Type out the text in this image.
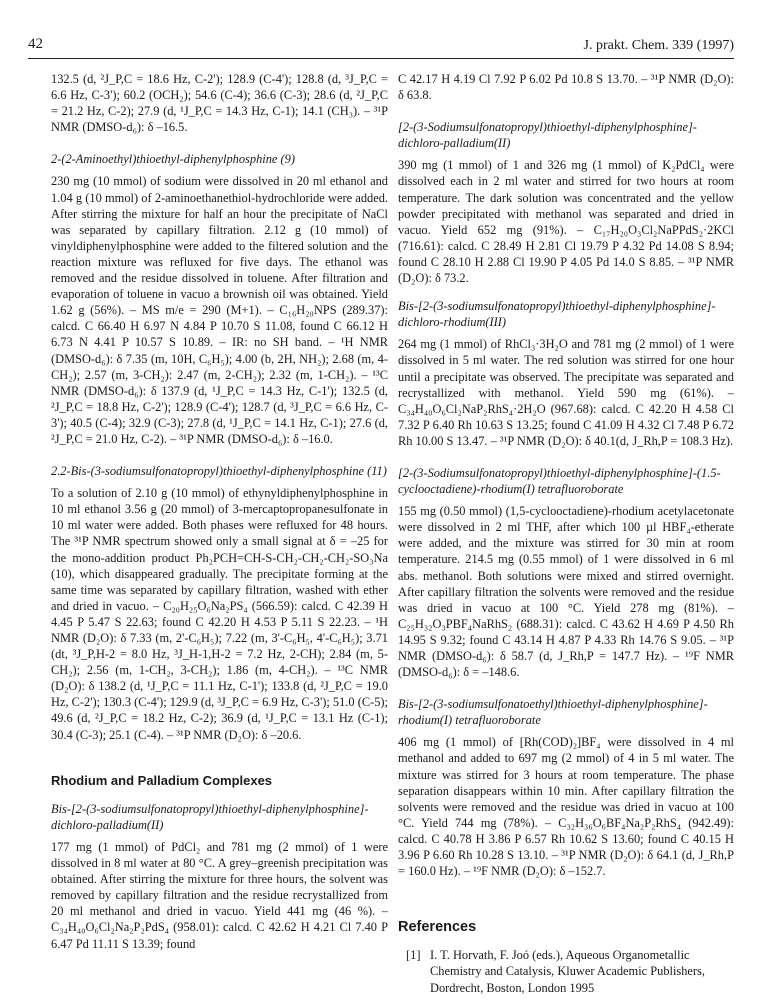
42	J. prakt. Chem. 339 (1997)

132.5 (d, ²J_P,C = 18.6 Hz, C-2'); 128.9 (C-4'); 128.8 (d, ³J_P,C = 6.6 Hz, C-3'); 60.2 (OCH₂); 54.6 (C-4); 36.6 (C-3); 28.6 (d, ²J_P,C = 21.2 Hz, C-2); 27.9 (d, ¹J_P,C = 14.3 Hz, C-1); 14.1 (CH₃). – ³¹P NMR (DMSO-d₆): δ –16.5.

2-(2-Aminoethyl)thioethyl-diphenylphosphine (9)

230 mg (10 mmol) of sodium were dissolved in 20 ml ethanol and 1.04 g (10 mmol) of 2-aminoethanethiol-hydrochloride were added. After stirring the mixture for half an hour the precipitate of NaCl was separated by capillary filtration. 2.12 g (10 mmol) of vinyldiphenylphosphine were added to the filtered solution and the reaction mixture was refluxed for five days. The ethanol was removed and the residue dissolved in toluene. After filtration and evaporation of toluene in vacuo a brownish oil was obtained. Yield 1.62 g (56%). – MS m/e = 290 (M+1). – C₁₆H₂₀NPS (289.37): calcd. C 66.40 H 6.97 N 4.84 P 10.70 S 11.08, found C 66.12 H 6.73 N 4.41 P 10.57 S 10.89. – IR: no SH band. – ¹H NMR (DMSO-d₆): δ 7.35 (m, 10H, C₆H₅); 4.00 (b, 2H, NH₂); 2.68 (m, 4-CH₂); 2.57 (m, 3-CH₂): 2.47 (m, 2-CH₂); 2.32 (m, 1-CH₂). – ¹³C NMR (DMSO-d₆): δ 137.9 (d, ¹J_P,C = 14.3 Hz, C-1'); 132.5 (d, ²J_P,C = 18.8 Hz, C-2'); 128.9 (C-4'); 128.7 (d, ³J_P,C = 6.6 Hz, C-3'); 40.5 (C-4); 32.9 (C-3); 27.8 (d, ¹J_P,C = 14.1 Hz, C-1); 27.6 (d, ²J_P,C = 21.0 Hz, C-2). – ³¹P NMR (DMSO-d₆): δ –16.0.

2.2-Bis-(3-sodiumsulfonatopropyl)thioethyl-diphenylphosphine (11)

To a solution of 2.10 g (10 mmol) of ethynyldiphenylphosphine in 10 ml ethanol 3.56 g (20 mmol) of 3-mercaptopropanesulfonate in 10 ml water were added. Both phases were refluxed for 48 hours. The ³¹P NMR spectrum showed only a small signal at δ = –25 for the mono-addition product Ph₂PCH=CH-S-CH₂-CH₂-CH₂-SO₃Na (10), which disappeared gradually. The precipitate forming at the same time was separated by capillary filtration, washed with ether and dried in vacuo. – C₂₀H₂₅O₆Na₂PS₄ (566.59): calcd. C 42.39 H 4.45 P 5.47 S 22.63; found C 42.20 H 4.53 P 5.11 S 22.23. – ¹H NMR (D₂O): δ 7.33 (m, 2'-C₆H₅); 7.22 (m, 3'-C₆H₅, 4'-C₆H₅); 3.71 (dt, ³J_P,H-2 = 8.0 Hz, ³J_H-1,H-2 = 7.2 Hz, 2-CH); 2.84 (m, 5-CH₂); 2.56 (m, 1-CH₂, 3-CH₂); 1.86 (m, 4-CH₂). – ¹³C NMR (D₂O): δ 138.2 (d, ¹J_P,C = 11.1 Hz, C-1'); 133.8 (d, ²J_P,C = 19.0 Hz, C-2'); 130.3 (C-4'); 129.9 (d, ³J_P,C = 6.9 Hz, C-3'); 51.0 (C-5); 49.6 (d, ²J_P,C = 18.2 Hz, C-2); 36.9 (d, ¹J_P,C = 13.1 Hz (C-1); 30.4 (C-3); 25.1 (C-4). – ³¹P NMR (D₂O): δ –20.6.

Rhodium and Palladium Complexes

Bis-[2-(3-sodiumsulfonatopropyl)thioethyl-diphenylphosphine]-dichloro-palladium(II)

177 mg (1 mmol) of PdCl₂ and 781 mg (2 mmol) of 1 were dissolved in 8 ml water at 80 °C. A grey–greenish precipitation was obtained. After stirring the mixture for three hours, the solvent was removed by capillary filtration and the residue recrystallized from 20 ml methanol and dried in vacuo. Yield 441 mg (46 %). – C₃₄H₄₀O₆Cl₂Na₂P₂PdS₄ (958.01): calcd. C 42.62 H 4.21 Cl 7.40 P 6.47 Pd 11.11 S 13.39; found

C 42.17 H 4.19 Cl 7.92 P 6.02 Pd 10.8 S 13.70. – ³¹P NMR (D₂O): δ 63.8.

[2-(3-Sodiumsulfonatopropyl)thioethyl-diphenylphosphine]-dichloro-palladium(II)

390 mg (1 mmol) of 1 and 326 mg (1 mmol) of K₂PdCl₄ were dissolved each in 2 ml water and stirred for two hours at room temperature. The dark solution was concentrated and the yellow powder precipitated with methanol was separated and dried in vacuo. Yield 652 mg (91%). – C₁₇H₂₀O₃Cl₂NaPPdS₂·2KCl (716.61): calcd. C 28.49 H 2.81 Cl 19.79 P 4.32 Pd 14.08 S 8.94; found C 28.10 H 2.88 Cl 19.90 P 4.05 Pd 14.0 S 8.85. – ³¹P NMR (D₂O): δ 73.2.

Bis-[2-(3-sodiumsulfonatopropyl)thioethyl-diphenylphosphine]-dichloro-rhodium(III)

264 mg (1 mmol) of RhCl₃·3H₂O and 781 mg (2 mmol) of 1 were dissolved in 5 ml water. The red solution was stirred for one hour until a precipitate was observed. The precipitate was separated and recrystallized with methanol. Yield 590 mg (61%). – C₃₄H₄₀O₆Cl₂NaP₂RhS₄·2H₂O (967.68): calcd. C 42.20 H 4.58 Cl 7.32 P 6.40 Rh 10.63 S 13.25; found C 41.09 H 4.32 Cl 7.48 P 6.72 Rh 10.00 S 13.47. – ³¹P NMR (D₂O): δ 40.1(d, J_Rh,P = 108.3 Hz).

[2-(3-Sodiumsulfonatopropyl)thioethyl-diphenylphosphine]-(1.5-cyclooctadiene)-rhodium(I) tetrafluoroborate

155 mg (0.50 mmol) (1,5-cyclooctadiene)-rhodium acetylacetonate were dissolved in 2 ml THF, after which 100 µl HBF₄-etherate were added, and the mixture was stirred for 30 min at room temperature. 214.5 mg (0.55 mmol) of 1 were dissolved in 6 ml abs. methanol. Both solutions were mixed and stirred overnight. After capillary filtration the solvents were removed and the residue was dried in vacuo at 100 °C. Yield 278 mg (81%). – C₂₅H₃₂O₃PBF₄NaRhS₂ (688.31): calcd. C 43.62 H 4.69 P 4.50 Rh 14.95 S 9.32; found C 43.14 H 4.87 P 4.33 Rh 14.76 S 9.05. – ³¹P NMR (DMSO-d₆): δ 58.7 (d, J_Rh,P = 147.7 Hz). – ¹⁹F NMR (DMSO-d₆): δ = –148.6.

Bis-[2-(3-sodiumsulfonatoethyl)thioethyl-diphenylphosphine]-rhodium(I) tetrafluoroborate

406 mg (1 mmol) of [Rh(COD)₂]BF₄ were dissolved in 4 ml methanol and added to 697 mg (2 mmol) of 4 in 5 ml water. The mixture was stirred for 3 hours at room temperature. The phase separation disappears within 10 min. After capillary filtration the solvents were removed and the residue was dried in vacuo at 100 °C. Yield 744 mg (78%). – C₃₂H₃₆O₆BF₄Na₂P₂RhS₄ (942.49): calcd. C 40.78 H 3.86 P 6.57 Rh 10.62 S 13.60; found C 40.15 H 3.96 P 6.60 Rh 10.28 S 13.10. – ³¹P NMR (D₂O): δ 64.1 (d, J_Rh,P = 160.0 Hz). – ¹⁹F NMR (D₂O): δ –152.7.

References
[1] I. T. Horvath, F. Joó (eds.), Aqueous Organometallic Chemistry and Catalysis, Kluwer Academic Publishers, Dordrecht, Boston, London 1995
